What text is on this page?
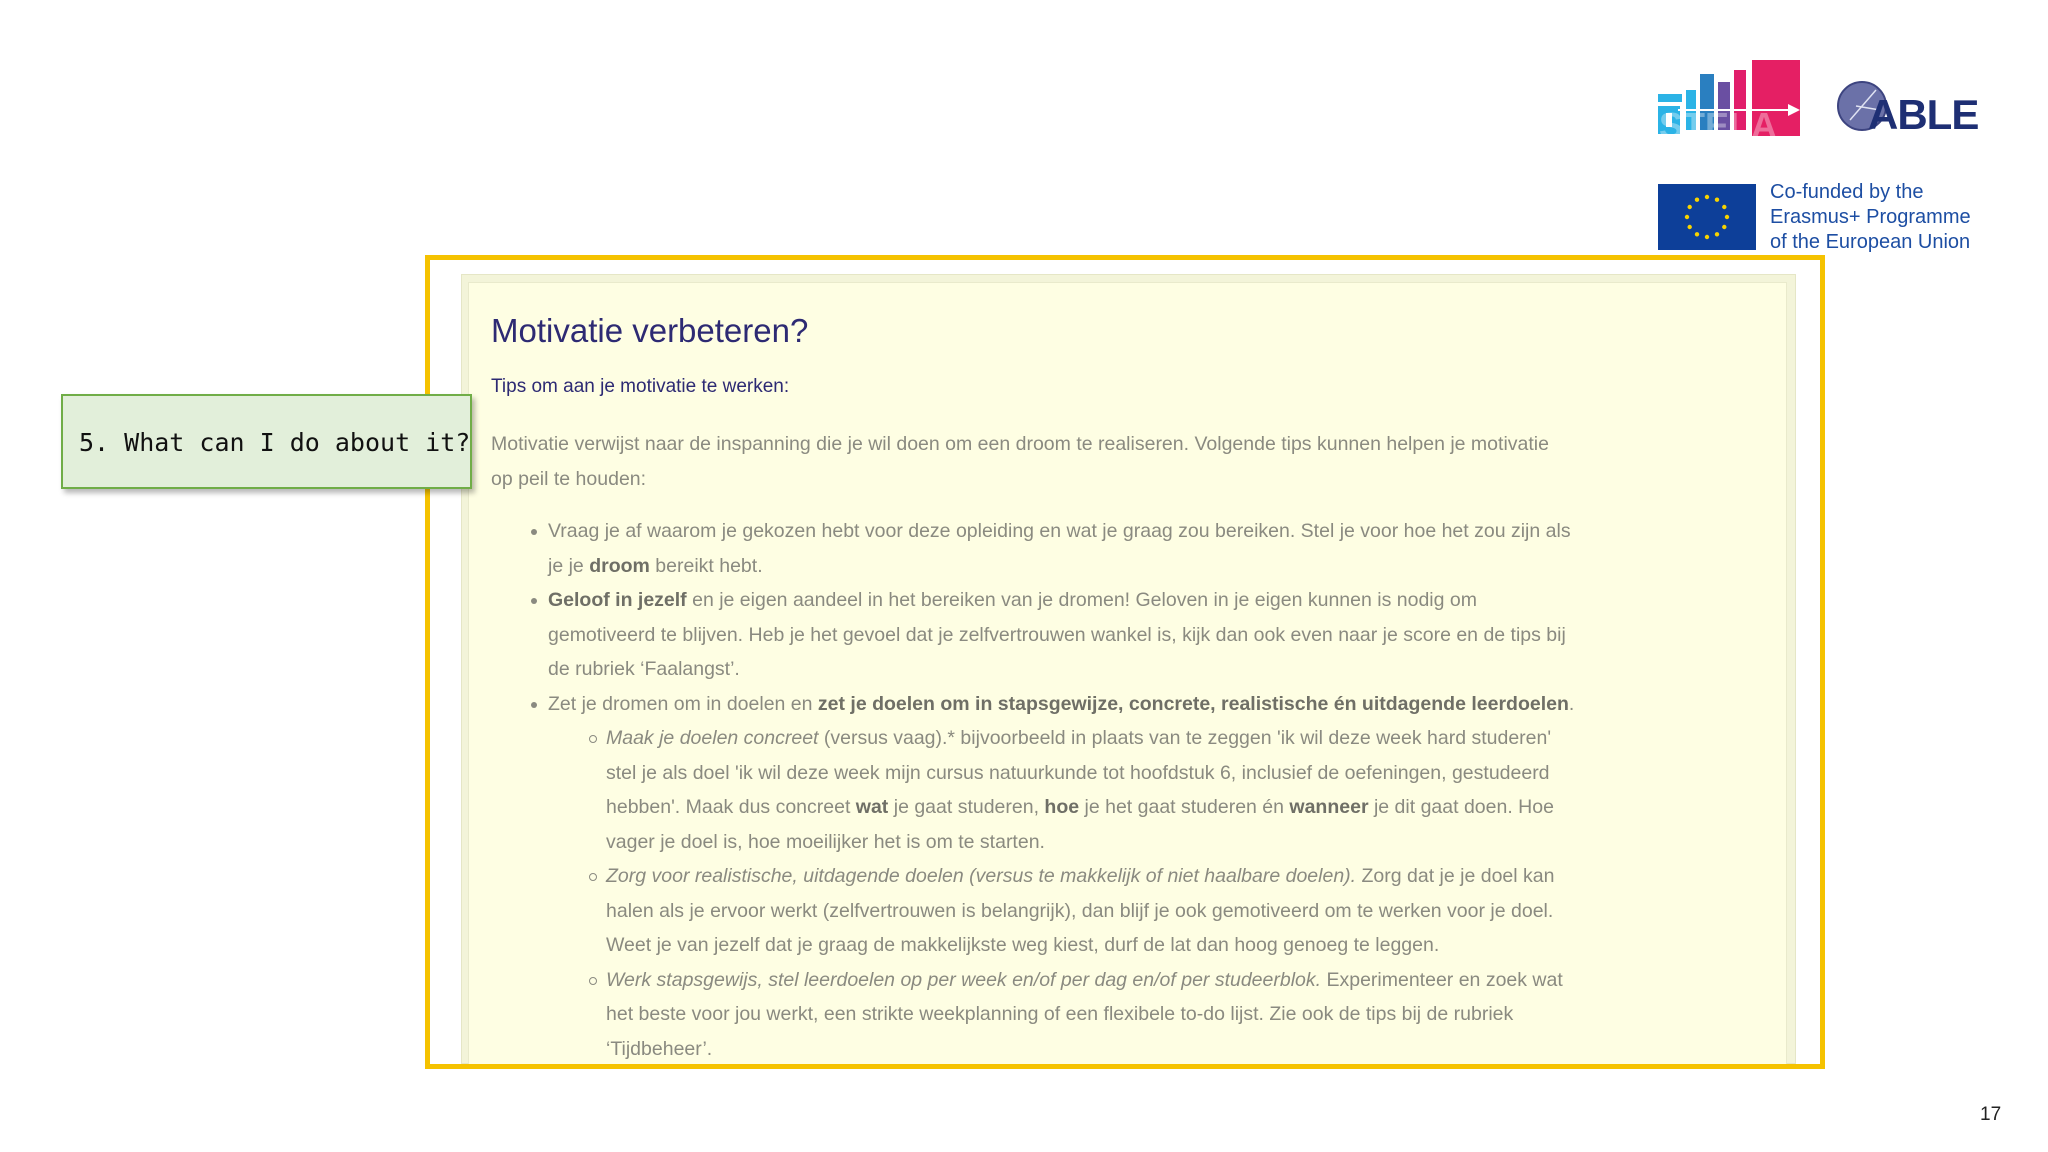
STELA ABLE
Co-funded by the
Erasmus+ Programme
of the European Union
Motivatie verbeteren?
Tips om aan je motivatie te werken:
Motivatie verwijst naar de inspanning die je wil doen om een droom te realiseren. Volgende tips kunnen helpen je motivatie
op peil te houden:
Vraag je af waarom je gekozen hebt voor deze opleiding en wat je graag zou bereiken. Stel je voor hoe het zou zijn als
je je droom bereikt hebt.
Geloof in jezelf en je eigen aandeel in het bereiken van je dromen! Geloven in je eigen kunnen is nodig om
gemotiveerd te blijven. Heb je het gevoel dat je zelfvertrouwen wankel is, kijk dan ook even naar je score en de tips bij
de rubriek ‘Faalangst’.
Zet je dromen om in doelen en zet je doelen om in stapsgewijze, concrete, realistische én uitdagende leerdoelen.
Maak je doelen concreet (versus vaag).* bijvoorbeeld in plaats van te zeggen 'ik wil deze week hard studeren'
stel je als doel 'ik wil deze week mijn cursus natuurkunde tot hoofdstuk 6, inclusief de oefeningen, gestudeerd
hebben'. Maak dus concreet wat je gaat studeren, hoe je het gaat studeren én wanneer je dit gaat doen. Hoe
vager je doel is, hoe moeilijker het is om te starten.
Zorg voor realistische, uitdagende doelen (versus te makkelijk of niet haalbare doelen). Zorg dat je je doel kan
halen als je ervoor werkt (zelfvertrouwen is belangrijk), dan blijf je ook gemotiveerd om te werken voor je doel.
Weet je van jezelf dat je graag de makkelijkste weg kiest, durf de lat dan hoog genoeg te leggen.
Werk stapsgewijs, stel leerdoelen op per week en/of per dag en/of per studeerblok. Experimenteer en zoek wat
het beste voor jou werkt, een strikte weekplanning of een flexibele to-do lijst. Zie ook de tips bij de rubriek
‘Tijdbeheer’.
5. What can I do about it?
17
